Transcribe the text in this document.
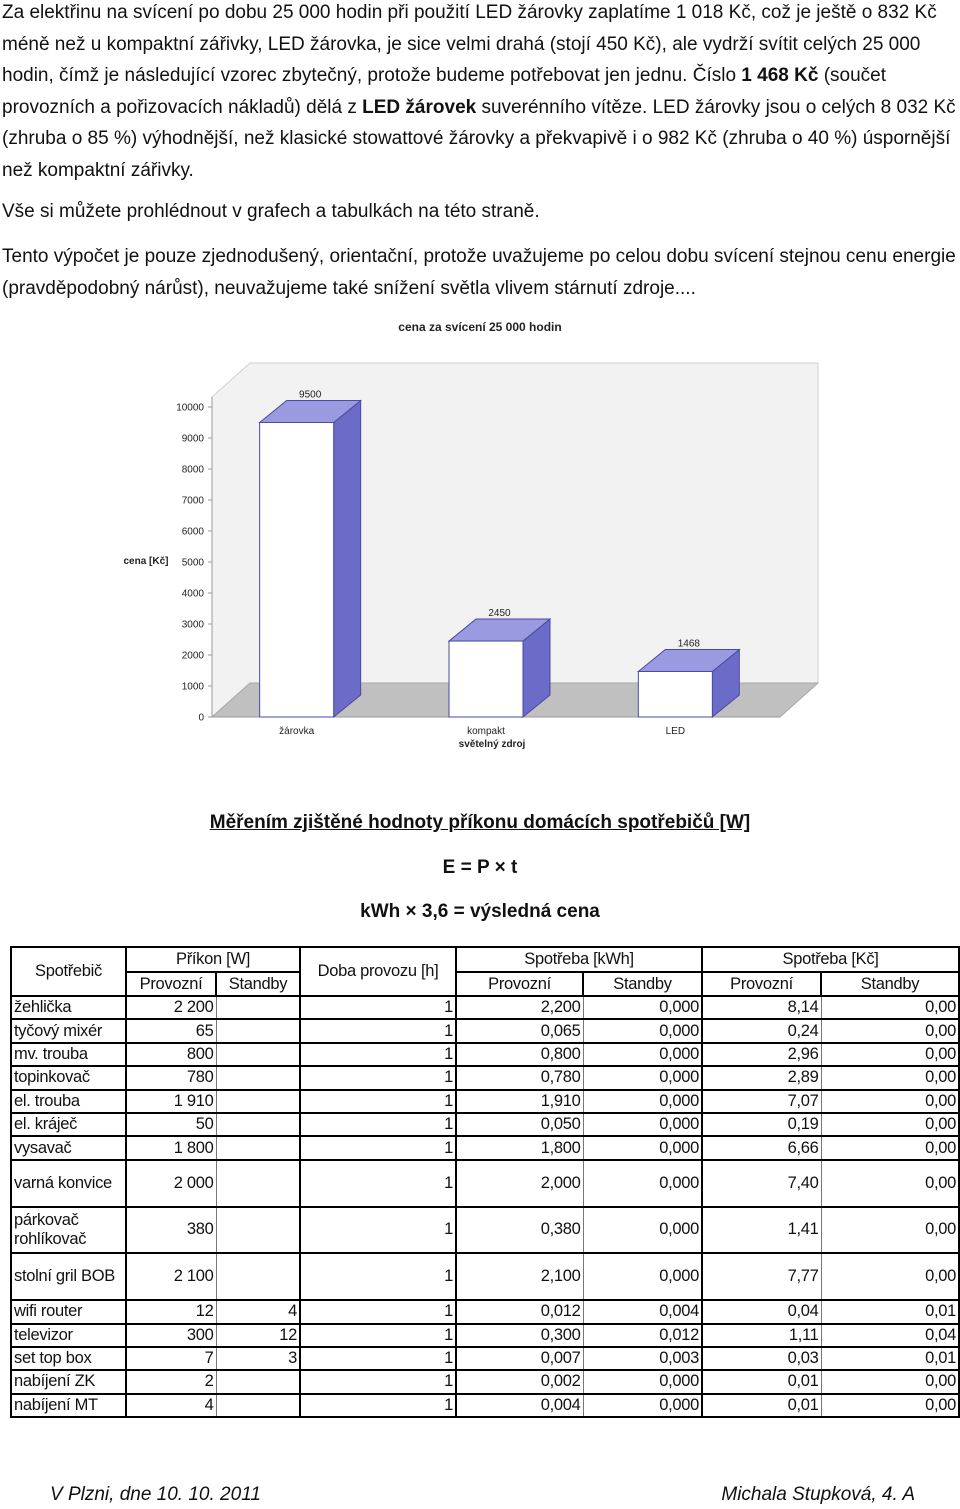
Za elektřinu na svícení po dobu 25 000 hodin při použití LED žárovky zaplatíme 1 018 Kč, což je ještě o 832 Kč méně než u kompaktní zářivky, LED žárovka, je sice velmi drahá (stojí 450 Kč), ale vydrží svítit celých 25 000 hodin, čímž je následující vzorec zbytečný, protože budeme potřebovat jen jednu. Číslo 1 468 Kč (součet provozních a pořizovacích nákladů) dělá z LED žárovek suverénního vítěze. LED žárovky jsou o celých 8 032 Kč (zhruba o 85 %) výhodnější, než klasické stowattové žárovky a překvapivě i o 982 Kč (zhruba o 40 %) úspornější než kompaktní zářivky.

Vše si můžete prohlédnout v grafech a tabulkách na této straně.

Tento výpočet je pouze zjednodušený, orientační, protože uvažujeme po celou dobu svícení stejnou cenu energie (pravděpodobný nárůst), neuvažujeme také snížení světla vlivem stárnutí zdroje....

0
1000
2000
3000
4000
5000
6000
7000
8000
9000
10000
9500
žárovka
2450
kompakt
1468
LED
cena za svícení 25 000 hodin
cena [Kč]
světelný zdroj

Měřením zjištěné hodnoty příkonu domácích spotřebičů [W]

E = P × t

kWh × 3,6 = výsledná cena

Spotřebič	Příkon [W]		Doba provozu [h]	Spotřeba [kWh]		Spotřeba [Kč]	
	Provozní	Standby		Provozní	Standby	Provozní	Standby
žehlička	2 200		1	2,200	0,000	8,14	0,00
tyčový mixér	65		1	0,065	0,000	0,24	0,00
mv. trouba	800		1	0,800	0,000	2,96	0,00
topinkovač	780		1	0,780	0,000	2,89	0,00
el. trouba	1 910		1	1,910	0,000	7,07	0,00
el. kráječ	50		1	0,050	0,000	0,19	0,00
vysavač	1 800		1	1,800	0,000	6,66	0,00
varná konvice	2 000		1	2,000	0,000	7,40	0,00
párkovač rohlíkovač	380		1	0,380	0,000	1,41	0,00
stolní gril BOB	2 100		1	2,100	0,000	7,77	0,00
wifi router	12	4	1	0,012	0,004	0,04	0,01
televizor	300	12	1	0,300	0,012	1,11	0,04
set top box	7	3	1	0,007	0,003	0,03	0,01
nabíjení ZK	2		1	0,002	0,000	0,01	0,00
nabíjení MT	4		1	0,004	0,000	0,01	0,00

V Plzni, dne 10. 10. 2011	Michala Stupková, 4. A
